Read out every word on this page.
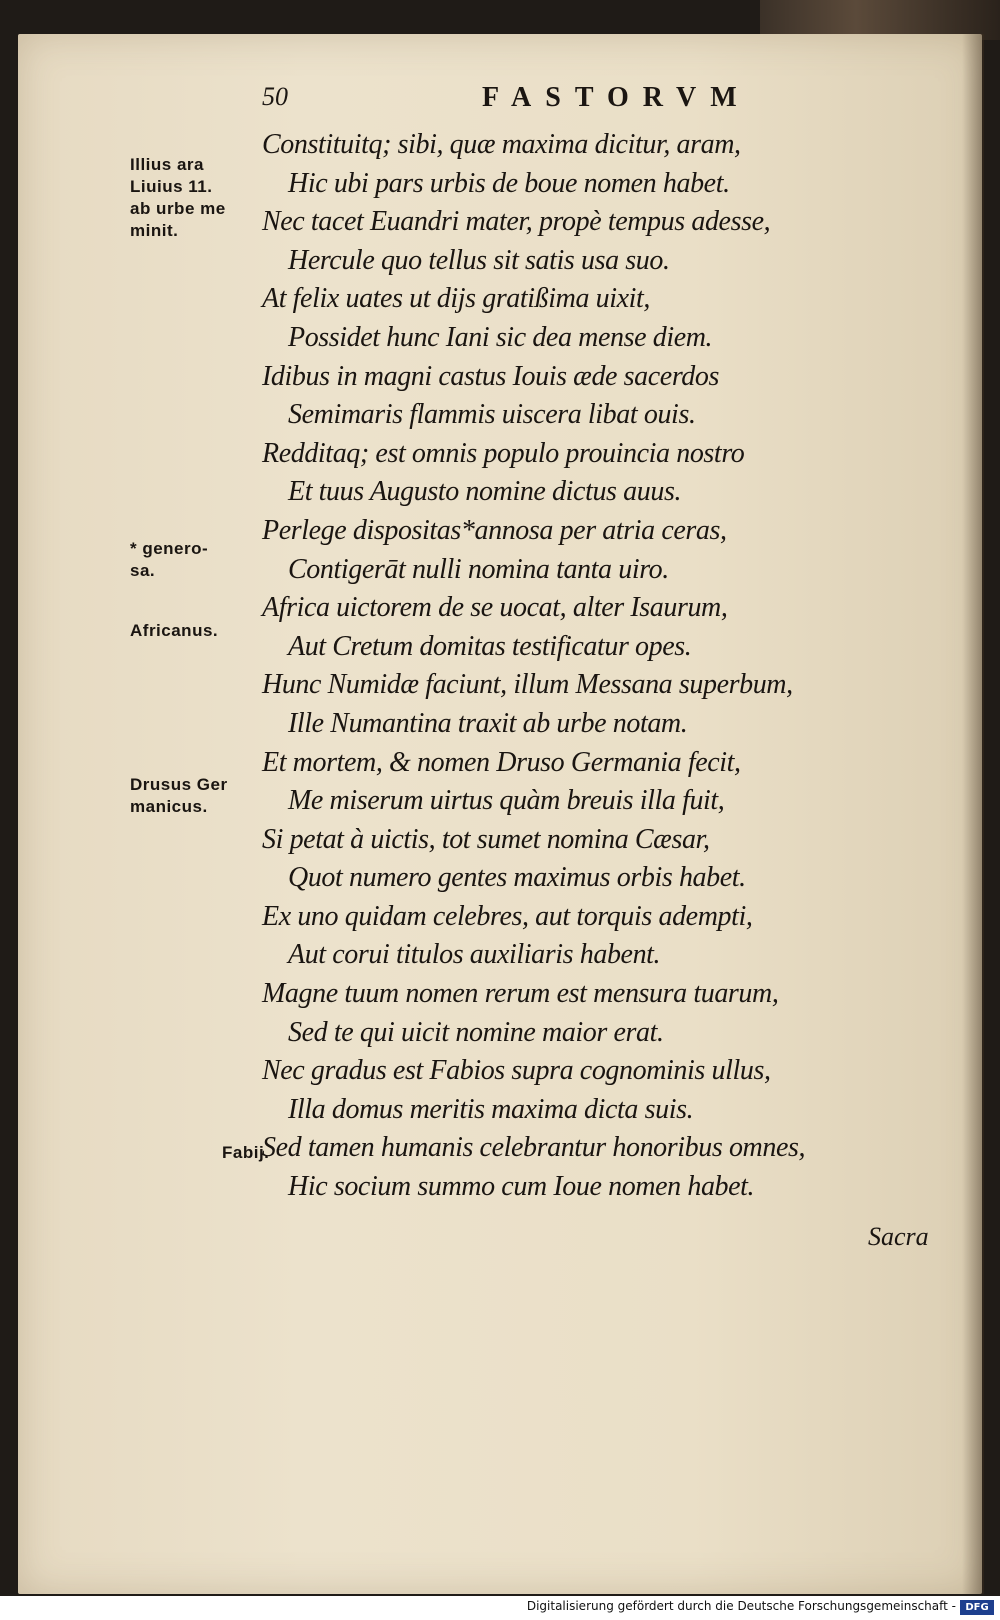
50	FASTORVM
Illius ara
Liuius 11.
ab urbe me
minit.
* genero-
sa.
Africanus.
Drusus Ger
manicus.
Fabij.
Constituitq; sibi, quæ maxima dicitur, aram,
Hic ubi pars urbis de boue nomen habet.
Nec tacet Euandri mater, propè tempus adesse,
Hercule quo tellus sit satis usa suo.
At felix uates ut dijs gratißima uixit,
Possidet hunc Iani sic dea mense diem.
Idibus in magni castus Iouis æde sacerdos
Semimaris flammis uiscera libat ouis.
Redditaq; est omnis populo prouincia nostro
Et tuus Augusto nomine dictus auus.
Perlege dispositas*annosa per atria ceras,
Contigerāt nulli nomina tanta uiro.
Africa uictorem de se uocat, alter Isaurum,
Aut Cretum domitas testificatur opes.
Hunc Numidæ faciunt, illum Messana superbum,
Ille Numantina traxit ab urbe notam.
Et mortem, & nomen Druso Germania fecit,
Me miserum uirtus quàm breuis illa fuit,
Si petat à uictis, tot sumet nomina Cæsar,
Quot numero gentes maximus orbis habet.
Ex uno quidam celebres, aut torquis adempti,
Aut corui titulos auxiliaris habent.
Magne tuum nomen rerum est mensura tuarum,
Sed te qui uicit nomine maior erat.
Nec gradus est Fabios supra cognominis ullus,
Illa domus meritis maxima dicta suis.
Sed tamen humanis celebrantur honoribus omnes,
Hic socium summo cum Ioue nomen habet.
Sacra
Digitalisierung gefördert durch die Deutsche Forschungsgemeinschaft - DFG
